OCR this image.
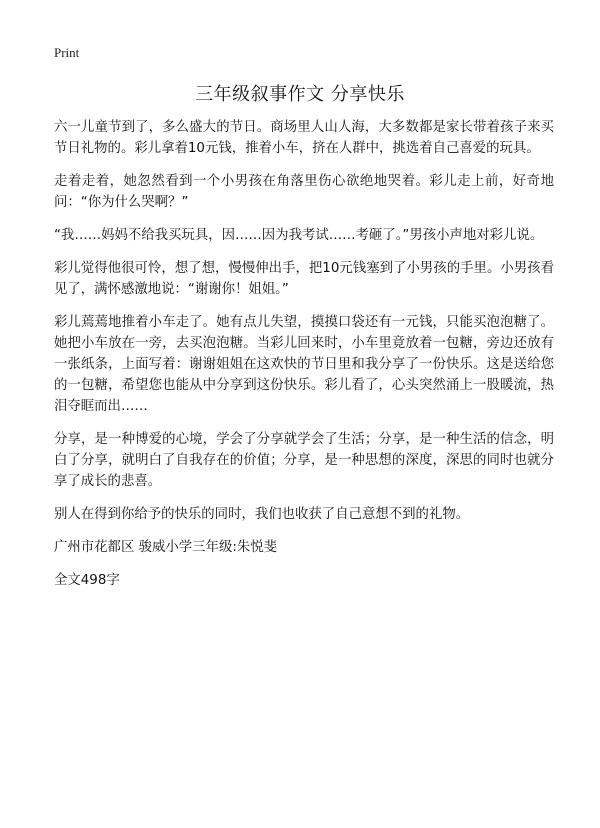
Print
三年级叙事作文 分享快乐

六一儿童节到了，多么盛大的节日。商场里人山人海，大多数都是家长带着孩子来买节日礼物的。彩儿拿着10元钱，推着小车，挤在人群中，挑选着自己喜爱的玩具。

走着走着，她忽然看到一个小男孩在角落里伤心欲绝地哭着。彩儿走上前，好奇地问：“你为什么哭啊？”

“我……妈妈不给我买玩具，因……因为我考试……考砸了。”男孩小声地对彩儿说。

彩儿觉得他很可怜，想了想，慢慢伸出手，把10元钱塞到了小男孩的手里。小男孩看见了，满怀感激地说：“谢谢你！姐姐。”

彩儿蔫蔫地推着小车走了。她有点儿失望，摸摸口袋还有一元钱，只能买泡泡糖了。她把小车放在一旁，去买泡泡糖。当彩儿回来时，小车里竟放着一包糖，旁边还放有一张纸条，上面写着：谢谢姐姐在这欢快的节日里和我分享了一份快乐。这是送给您的一包糖，希望您也能从中分享到这份快乐。彩儿看了，心头突然涌上一股暖流，热泪夺眶而出……

分享，是一种博爱的心境，学会了分享就学会了生活；分享，是一种生活的信念，明白了分享，就明白了自我存在的价值；分享，是一种思想的深度，深思的同时也就分享了成长的悲喜。

别人在得到你给予的快乐的同时，我们也收获了自己意想不到的礼物。

广州市花都区 骏威小学三年级:朱悦斐
全文498字
